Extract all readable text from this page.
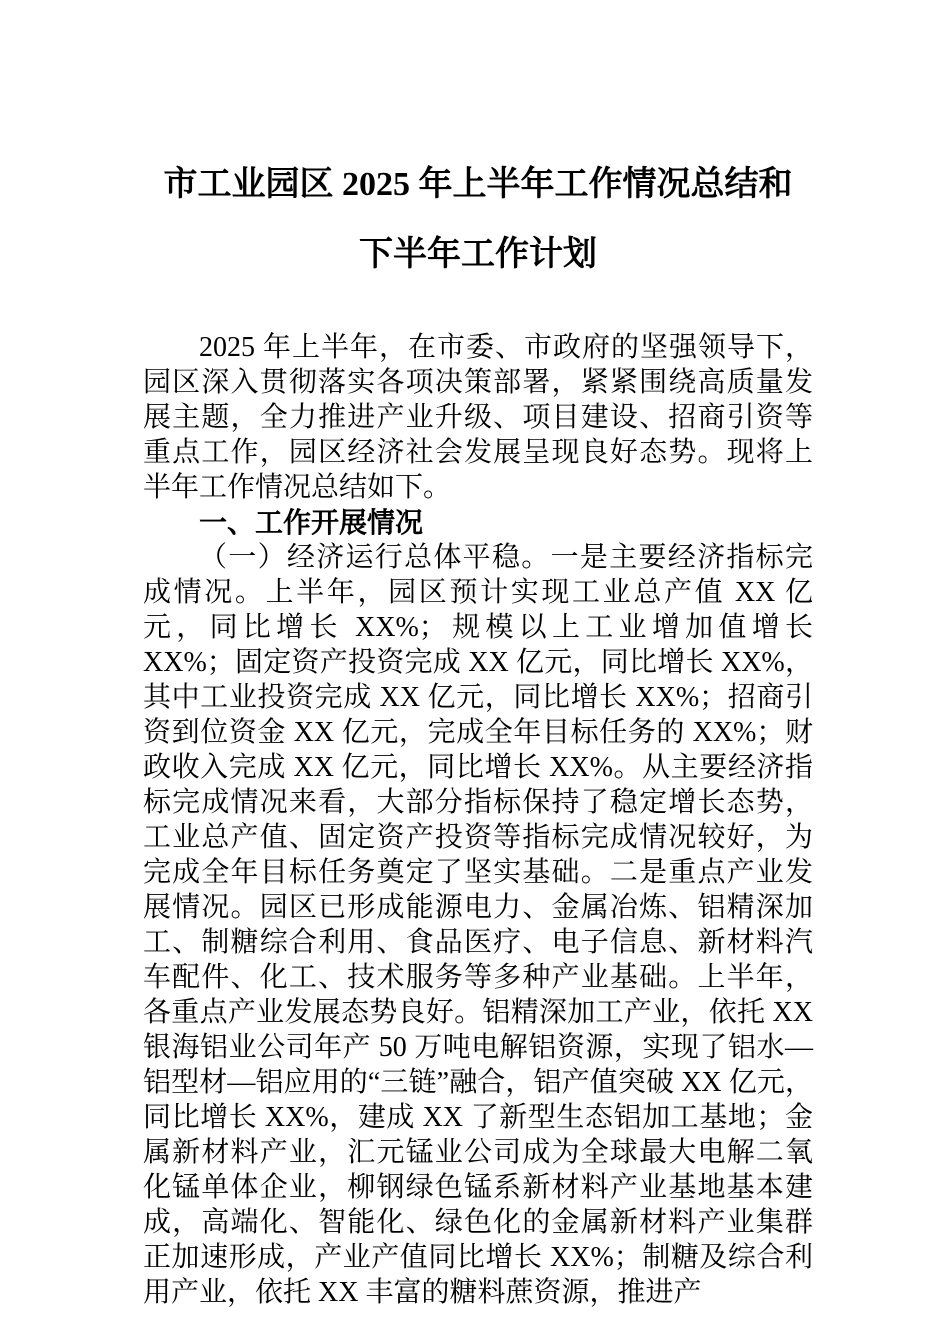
市工业园区 2025 年上半年工作情况总结和
下半年工作计划

2025 年上半年，在市委、市政府的坚强领导下，园区深入贯彻落实各项决策部署，紧紧围绕高质量发展主题，全力推进产业升级、项目建设、招商引资等重点工作，园区经济社会发展呈现良好态势。现将上半年工作情况总结如下。

一、工作开展情况

（一）经济运行总体平稳。一是主要经济指标完成情况。上半年，园区预计实现工业总产值 XX 亿元，同比增长 XX%；规模以上工业增加值增长 XX%；固定资产投资完成 XX 亿元，同比增长 XX%，其中工业投资完成 XX 亿元，同比增长 XX%；招商引资到位资金 XX 亿元，完成全年目标任务的 XX%；财政收入完成 XX 亿元，同比增长 XX%。从主要经济指标完成情况来看，大部分指标保持了稳定增长态势，工业总产值、固定资产投资等指标完成情况较好，为完成全年目标任务奠定了坚实基础。二是重点产业发展情况。园区已形成能源电力、金属冶炼、铝精深加工、制糖综合利用、食品医疗、电子信息、新材料汽车配件、化工、技术服务等多种产业基础。上半年，各重点产业发展态势良好。铝精深加工产业，依托 XX 银海铝业公司年产 50 万吨电解铝资源，实现了铝水—铝型材—铝应用的“三链”融合，铝产值突破 XX 亿元，同比增长 XX%，建成 XX 了新型生态铝加工基地；金属新材料产业，汇元锰业公司成为全球最大电解二氧化锰单体企业，柳钢绿色锰系新材料产业基地基本建成，高端化、智能化、绿色化的金属新材料产业集群正加速形成，产业产值同比增长 XX%；制糖及综合利用产业，依托 XX 丰富的糖料蔗资源，推进产
